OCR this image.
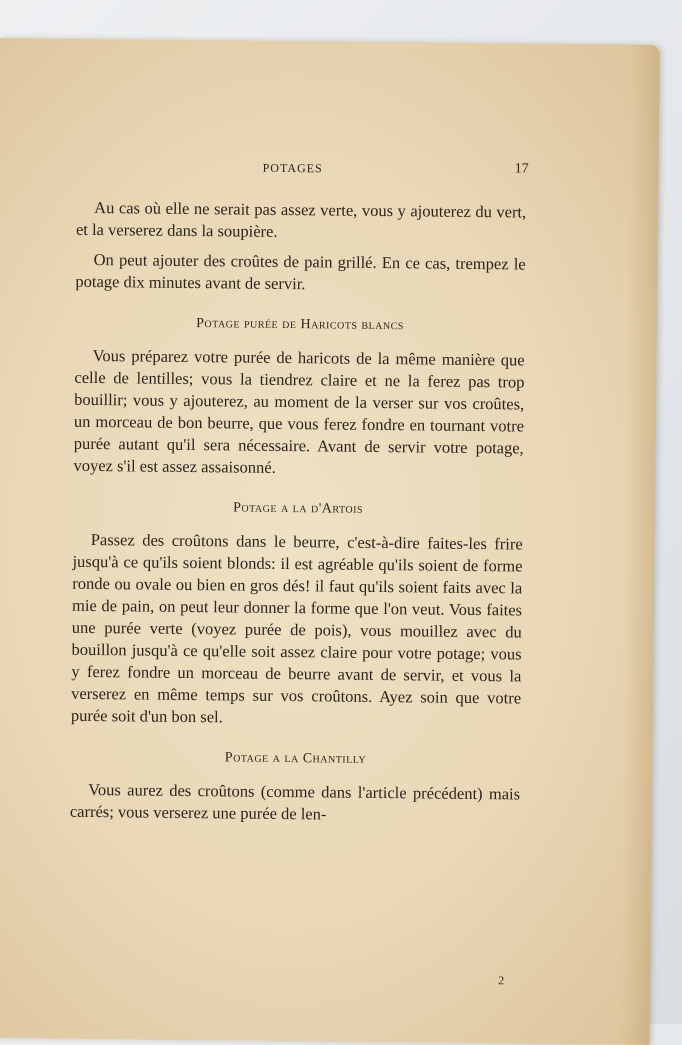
POTAGES	17

Au cas où elle ne serait pas assez verte, vous y ajouterez du vert, et la verserez dans la soupière.

On peut ajouter des croûtes de pain grillé. En ce cas, trempez le potage dix minutes avant de servir.

Potage purée de Haricots blancs

Vous préparez votre purée de haricots de la même manière que celle de lentilles; vous la tiendrez claire et ne la ferez pas trop bouillir; vous y ajouterez, au moment de la verser sur vos croûtes, un morceau de bon beurre, que vous ferez fondre en tournant votre purée autant qu'il sera nécessaire. Avant de servir votre potage, voyez s'il est assez assaisonné.

Potage a la d'Artois

Passez des croûtons dans le beurre, c'est-à-dire faites-les frire jusqu'à ce qu'ils soient blonds: il est agréable qu'ils soient de forme ronde ou ovale ou bien en gros dés! il faut qu'ils soient faits avec la mie de pain, on peut leur donner la forme que l'on veut. Vous faites une purée verte (voyez purée de pois), vous mouillez avec du bouillon jusqu'à ce qu'elle soit assez claire pour votre potage; vous y ferez fondre un morceau de beurre avant de servir, et vous la verserez en même temps sur vos croûtons. Ayez soin que votre purée soit d'un bon sel.

Potage a la Chantilly

Vous aurez des croûtons (comme dans l'article précédent) mais carrés; vous verserez une purée de len-

2
